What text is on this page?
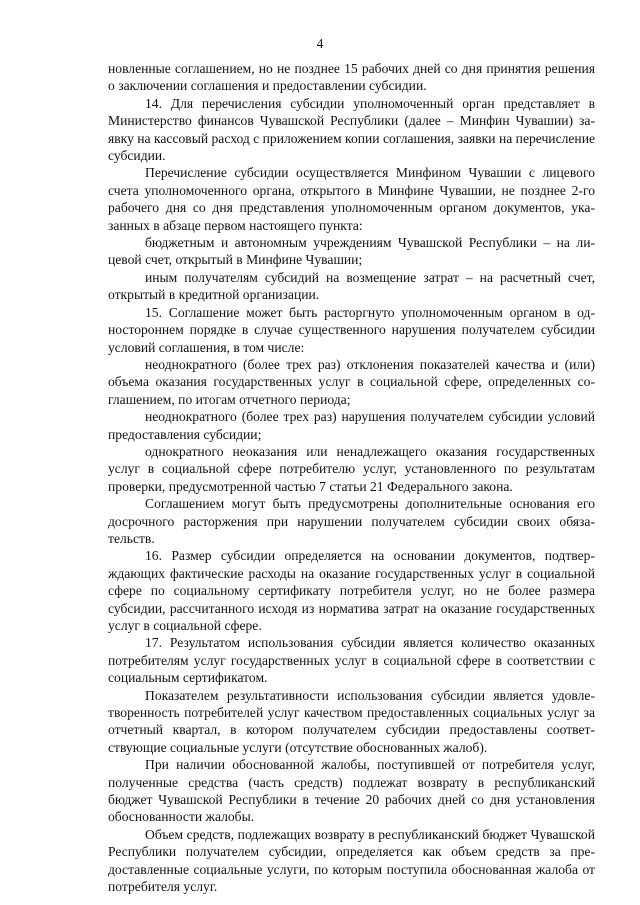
4

новленные соглашением, но не позднее 15 рабочих дней со дня принятия решения о заключении соглашения и предоставлении субсидии.

14. Для перечисления субсидии уполномоченный орган представляет в Министерство финансов Чувашской Республики (далее – Минфин Чувашии) заявку на кассовый расход с приложением копии соглашения, заявки на перечисление субсидии.

Перечисление субсидии осуществляется Минфином Чувашии с лицевого счета уполномоченного органа, открытого в Минфине Чувашии, не позднее 2-го рабочего дня со дня представления уполномоченным органом документов, указанных в абзаце первом настоящего пункта:

бюджетным и автономным учреждениям Чувашской Республики – на лицевой счет, открытый в Минфине Чувашии;

иным получателям субсидий на возмещение затрат – на расчетный счет, открытый в кредитной организации.

15. Соглашение может быть расторгнуто уполномоченным органом в одностороннем порядке в случае существенного нарушения получателем субсидии условий соглашения, в том числе:

неоднократного (более трех раз) отклонения показателей качества и (или) объема оказания государственных услуг в социальной сфере, определенных соглашением, по итогам отчетного периода;

неоднократного (более трех раз) нарушения получателем субсидии условий предоставления субсидии;

однократного неоказания или ненадлежащего оказания государственных услуг в социальной сфере потребителю услуг, установленного по результатам проверки, предусмотренной частью 7 статьи 21 Федерального закона.

Соглашением могут быть предусмотрены дополнительные основания его досрочного расторжения при нарушении получателем субсидии своих обязательств.

16. Размер субсидии определяется на основании документов, подтверждающих фактические расходы на оказание государственных услуг в социальной сфере по социальному сертификату потребителя услуг, но не более размера субсидии, рассчитанного исходя из норматива затрат на оказание государственных услуг в социальной сфере.

17. Результатом использования субсидии является количество оказанных потребителям услуг государственных услуг в социальной сфере в соответствии с социальным сертификатом.

Показателем результативности использования субсидии является удовлетворенность потребителей услуг качеством предоставленных социальных услуг за отчетный квартал, в котором получателем субсидии предоставлены соответствующие социальные услуги (отсутствие обоснованных жалоб).

При наличии обоснованной жалобы, поступившей от потребителя услуг, полученные средства (часть средств) подлежат возврату в республиканский бюджет Чувашской Республики в течение 20 рабочих дней со дня установления обоснованности жалобы.

Объем средств, подлежащих возврату в республиканский бюджет Чувашской Республики получателем субсидии, определяется как объем средств за предоставленные социальные услуги, по которым поступила обоснованная жалоба от потребителя услуг.
